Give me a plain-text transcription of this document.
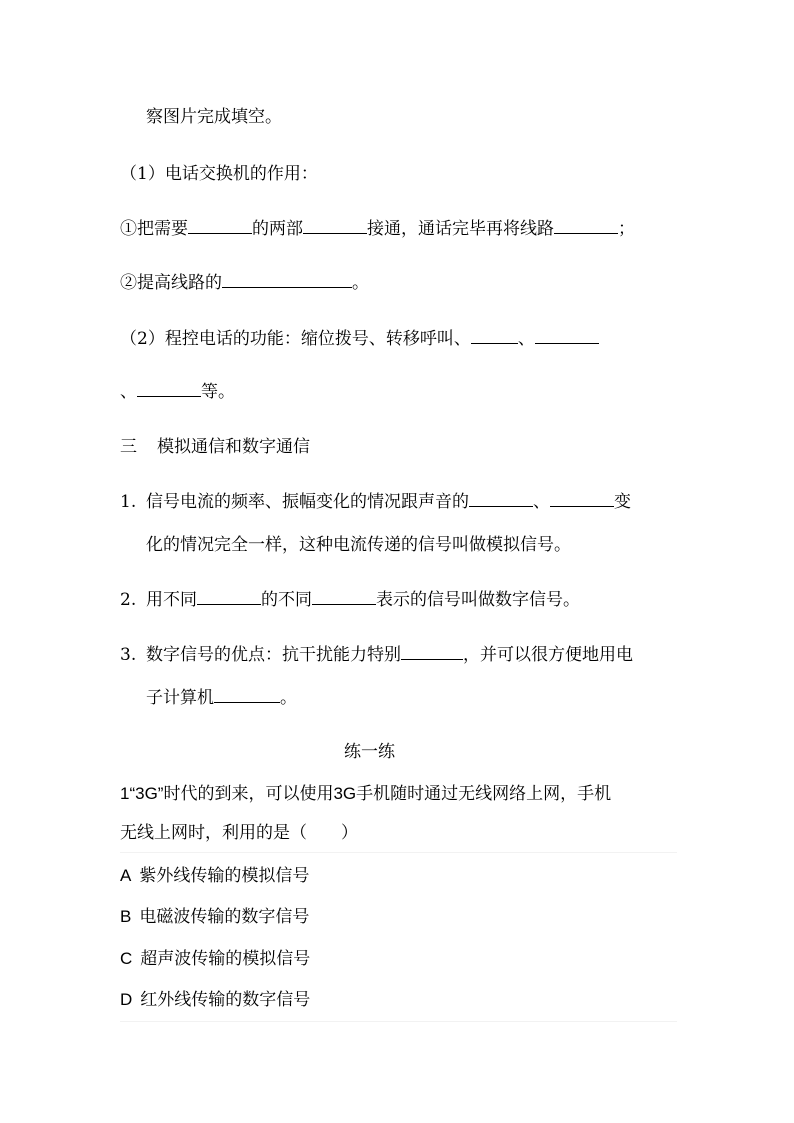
察图片完成填空。
（1）电话交换机的作用：
①把需要	的两部	接通，通话完毕再将线路	；
②提高线路的	。
（2）程控电话的功能：缩位拨号、转移呼叫、	、
、	等。
三 模拟通信和数字通信
1. 信号电流的频率、振幅变化的情况跟声音的	、	变
化的情况完全一样，这种电流传递的信号叫做模拟信号。
2. 用不同	的不同	表示的信号叫做数字信号。
3. 数字信号的优点：抗干扰能力特别	，并可以很方便地用电
子计算机	。
练一练
1“3G”时代的到来，可以使用3G手机随时通过无线网络上网，手机
无线上网时，利用的是（　　）
A 紫外线传输的模拟信号
B 电磁波传输的数字信号
C 超声波传输的模拟信号
D 红外线传输的数字信号
